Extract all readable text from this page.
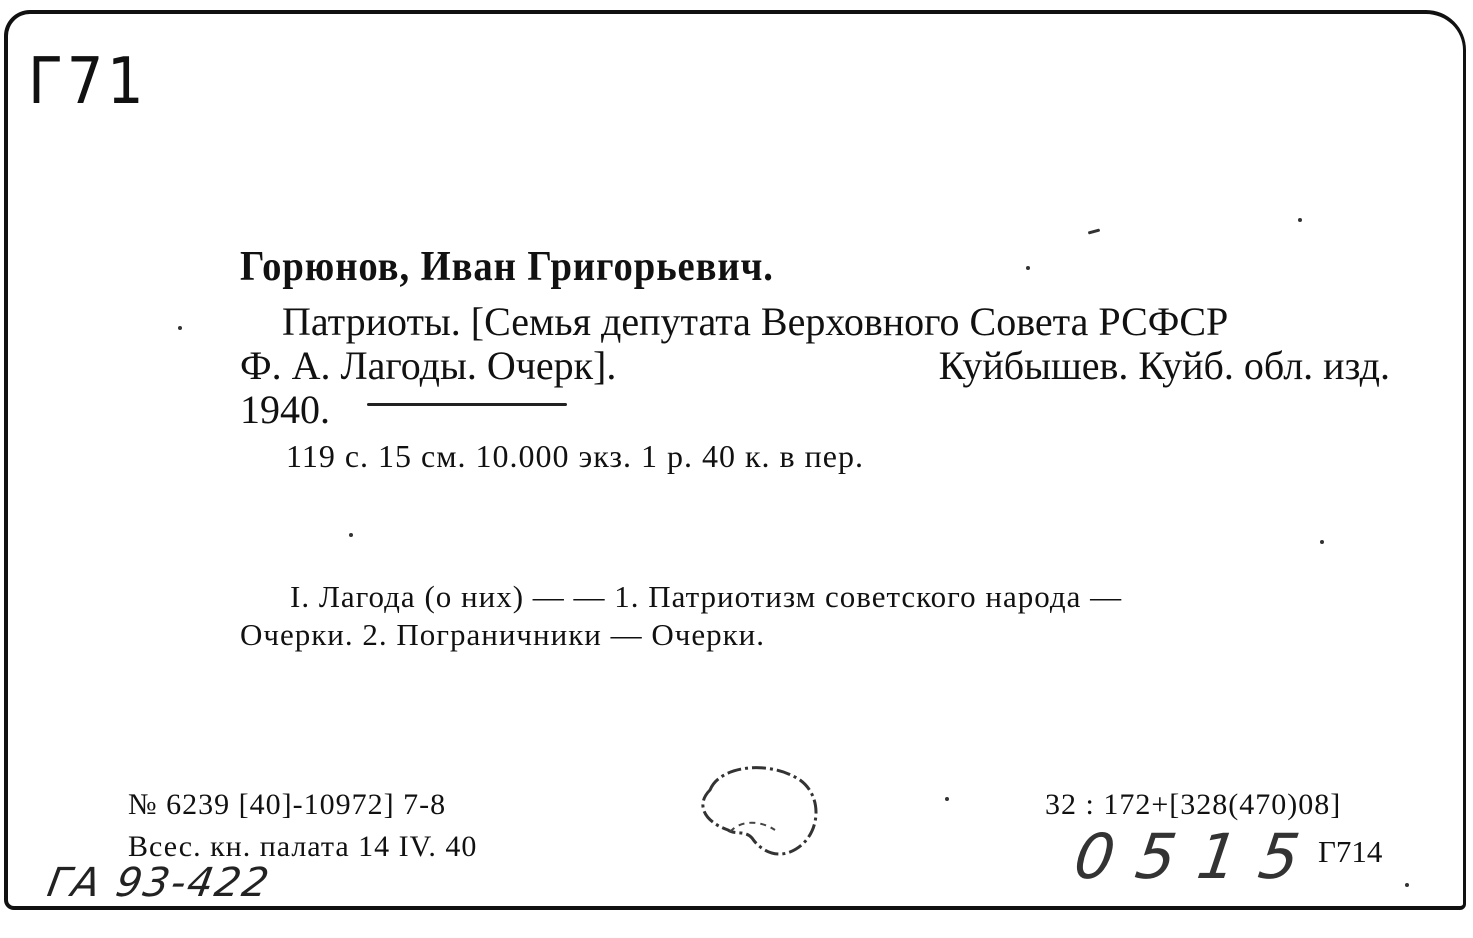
Г71
Горюнов, Иван Григорьевич.
Патриоты. [Семья депутата Верховного Совета РСФСР
Ф. А. Лагоды. Очерк].	Куйбышев. Куйб. обл. изд.
1940.
119 с. 15 см. 10.000 экз. 1 р. 40 к. в пер.
I. Лагода (о них) — — 1. Патриотизм советского народа —
Очерки. 2. Пограничники — Очерки.
№ 6239 [40]-10972] 7-8
Всес. кн. палата 14 IV. 40
32 : 172+[328(470)08]
Г714
ГА 93-422	0515
